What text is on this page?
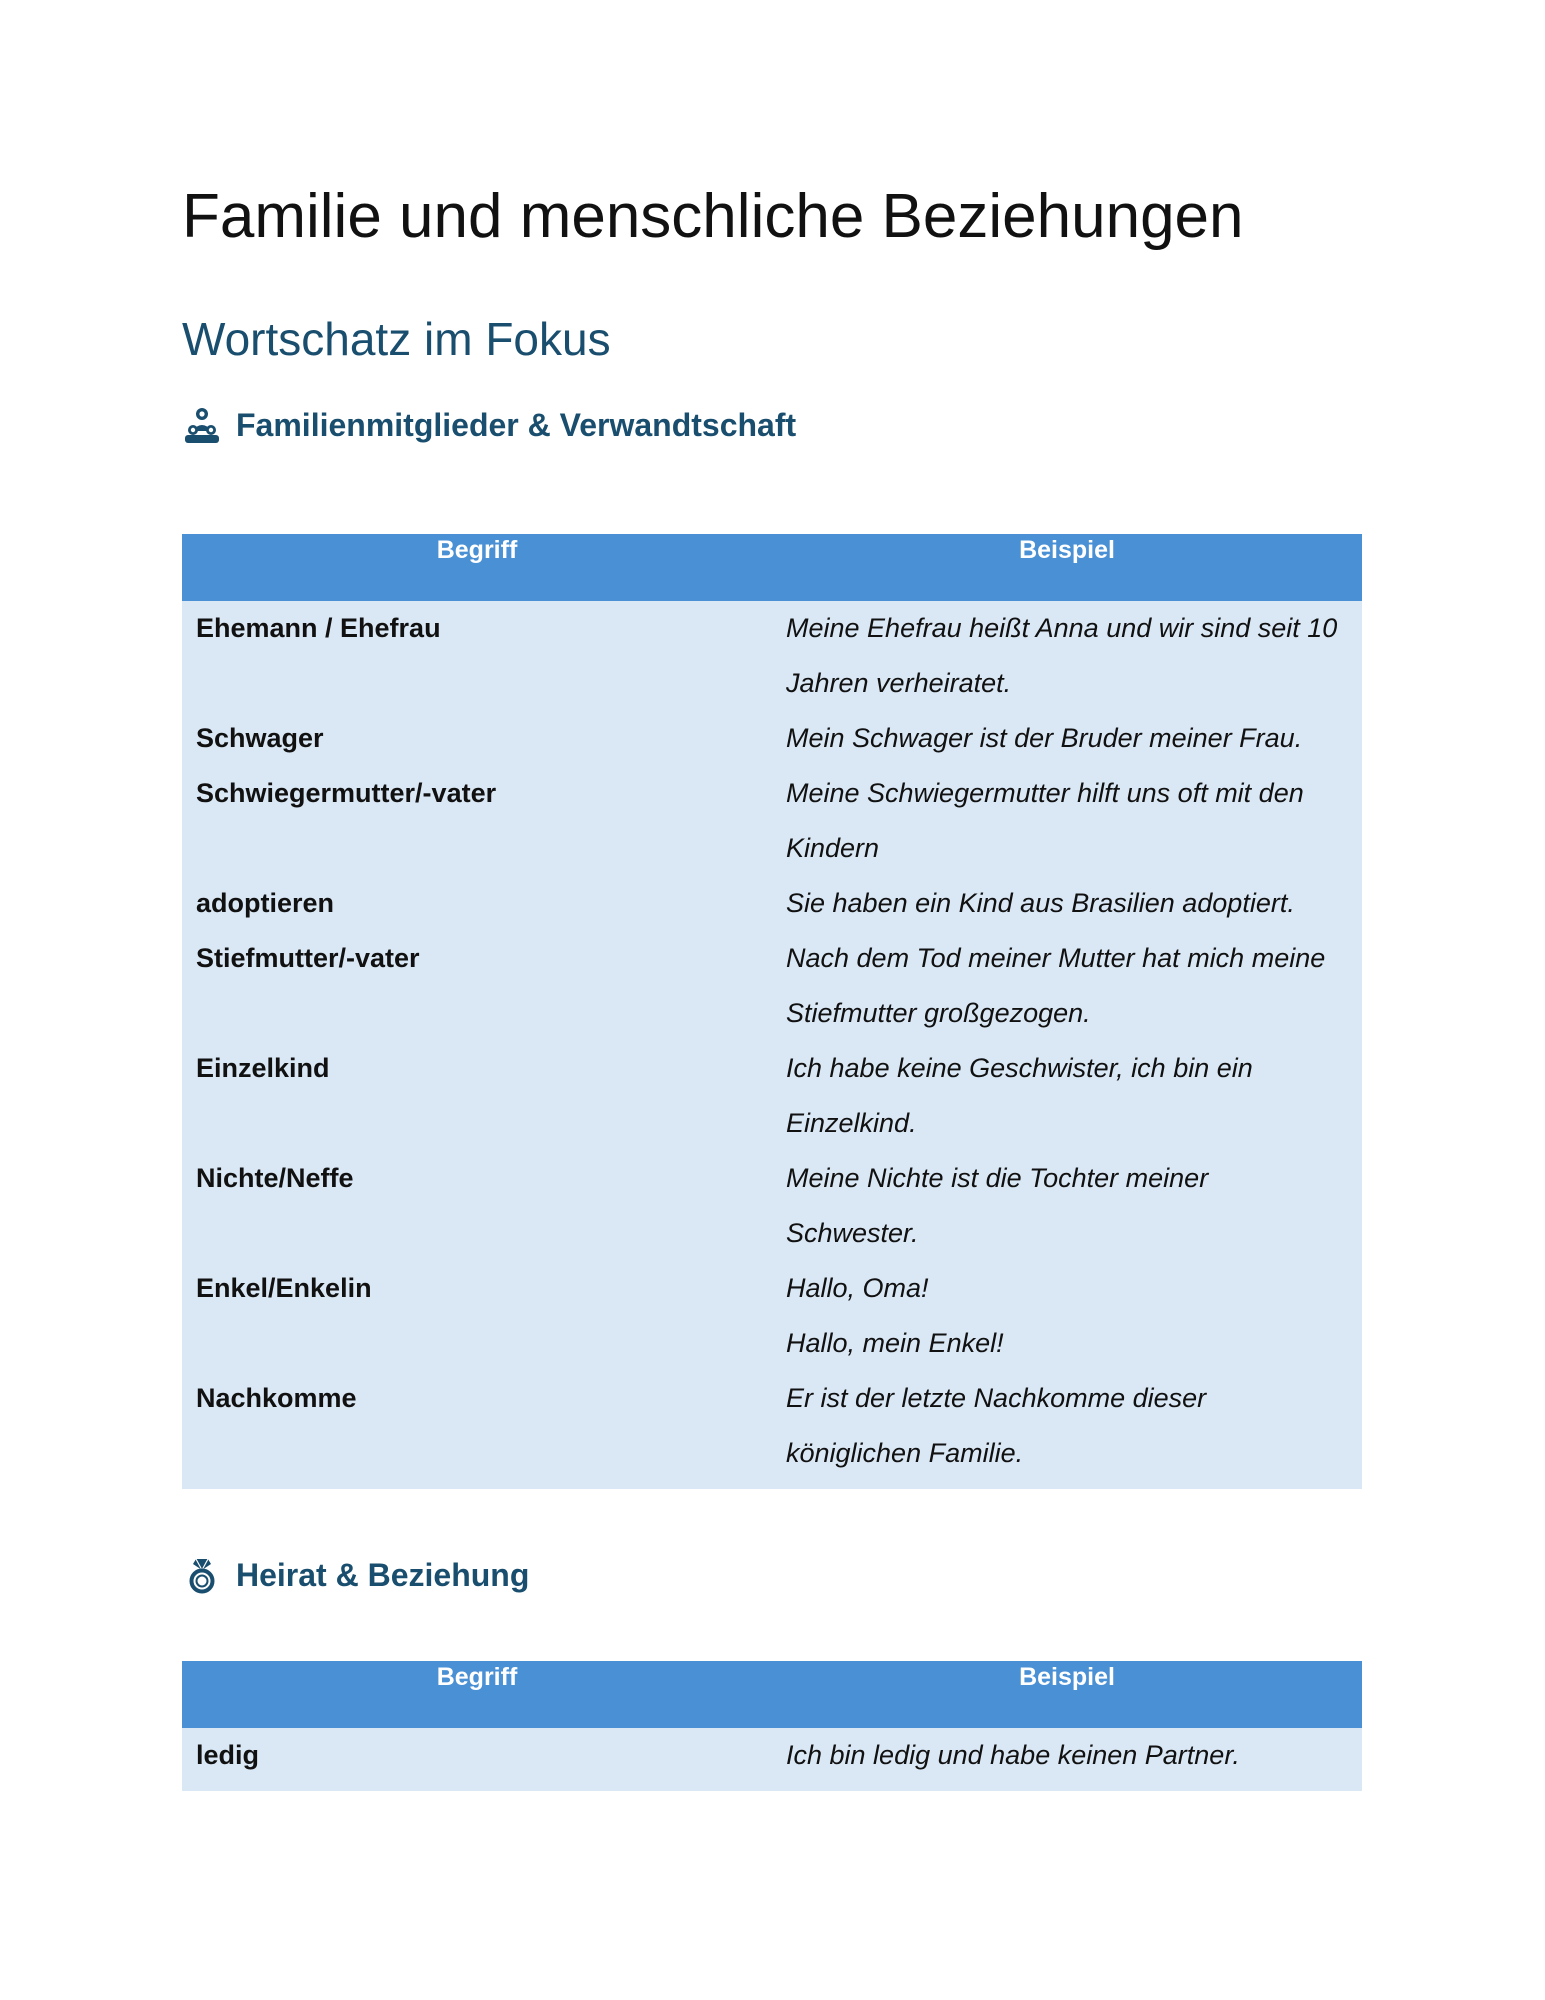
Familie und menschliche Beziehungen
Wortschatz im Fokus
Familienmitglieder & Verwandtschaft
Begriff	Beispiel
Ehemann / Ehefrau	Meine Ehefrau heißt Anna und wir sind seit 10 Jahren verheiratet.
Schwager	Mein Schwager ist der Bruder meiner Frau.
Schwiegermutter/-vater	Meine Schwiegermutter hilft uns oft mit den Kindern
adoptieren	Sie haben ein Kind aus Brasilien adoptiert.
Stiefmutter/-vater	Nach dem Tod meiner Mutter hat mich meine Stiefmutter großgezogen.
Einzelkind	Ich habe keine Geschwister, ich bin ein Einzelkind.
Nichte/Neffe	Meine Nichte ist die Tochter meiner Schwester.
Enkel/Enkelin	Hallo, Oma!
Hallo, mein Enkel!

Nachkomme	Er ist der letzte Nachkomme dieser königlichen Familie.
Heirat & Beziehung
Begriff	Beispiel
ledig	Ich bin ledig und habe keinen Partner.
